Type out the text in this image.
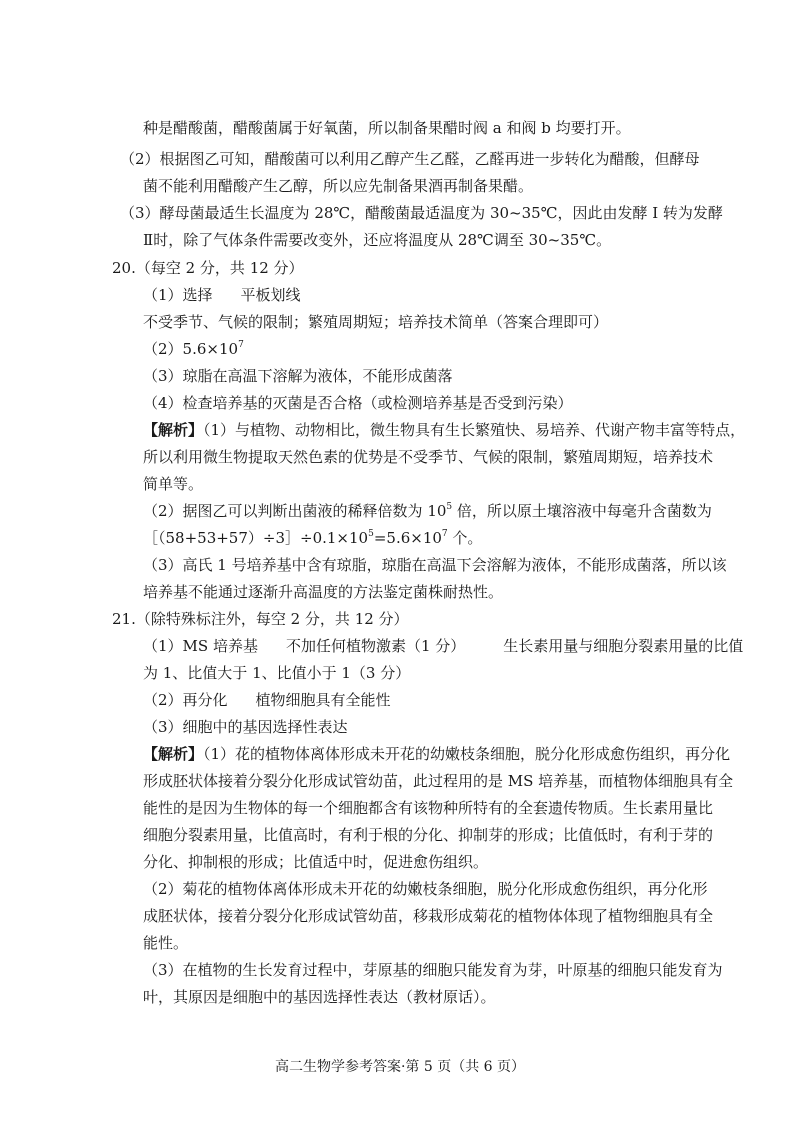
种是醋酸菌，醋酸菌属于好氧菌，所以制备果醋时阀 a 和阀 b 均要打开。
（2）根据图乙可知，醋酸菌可以利用乙醇产生乙醛，乙醛再进一步转化为醋酸，但酵母
菌不能利用醋酸产生乙醇，所以应先制备果酒再制备果醋。
（3）酵母菌最适生长温度为 28℃，醋酸菌最适温度为 30~35℃，因此由发酵 Ⅰ 转为发酵
Ⅱ时，除了气体条件需要改变外，还应将温度从 28℃调至 30~35℃。
20.（每空 2 分，共 12 分）
（1）选择 平板划线
不受季节、气候的限制；繁殖周期短；培养技术简单（答案合理即可）
$(2)5.6\times 10^7$
（3）琼脂在高温下溶解为液体，不能形成菌落
（4）检查培养基的灭菌是否合格（或检测培养基是否受到污染）
【解析】（1）与植物、动物相比，微生物具有生长繁殖快、易培养、代谢产物丰富等特点，
所以利用微生物提取天然色素的优势是不受季节、气候的限制，繁殖周期短，培养技术
简单等。
（2）据图乙可以判断出菌液的稀释倍数为 $10^5$ 倍，所以原土壤溶液中每毫升含菌数为
$[(58+53+57)\div 3]\div 0.1\times 10^5=5.6\times 10^7$ 个。
（3）高氏 1 号培养基中含有琼脂，琼脂在高温下会溶解为液体，不能形成菌落，所以该
培养基不能通过逐渐升高温度的方法鉴定菌株耐热性。
21.（除特殊标注外，每空 2 分，共 12 分）
（1）MS 培养基 不加任何植物激素（1 分）	生长素用量与细胞分裂素用量的比值
为 1、比值大于 1、比值小于 1（3 分）
（2）再分化 植物细胞具有全能性
（3）细胞中的基因选择性表达
【解析】（1）花的植物体离体形成未开花的幼嫩枝条细胞，脱分化形成愈伤组织，再分化
形成胚状体接着分裂分化形成试管幼苗，此过程用的是 MS 培养基，而植物体细胞具有全
能性的是因为生物体的每一个细胞都含有该物种所特有的全套遗传物质。生长素用量比
细胞分裂素用量，比值高时，有利于根的分化、抑制芽的形成；比值低时，有利于芽的
分化、抑制根的形成；比值适中时，促进愈伤组织。
（2）菊花的植物体离体形成未开花的幼嫩枝条细胞，脱分化形成愈伤组织，再分化形
成胚状体，接着分裂分化形成试管幼苗，移栽形成菊花的植物体体现了植物细胞具有全
能性。
（3）在植物的生长发育过程中，芽原基的细胞只能发育为芽，叶原基的细胞只能发育为
叶，其原因是细胞中的基因选择性表达（教材原话）。
高二生物学参考答案·第 5 页（共 6 页）
